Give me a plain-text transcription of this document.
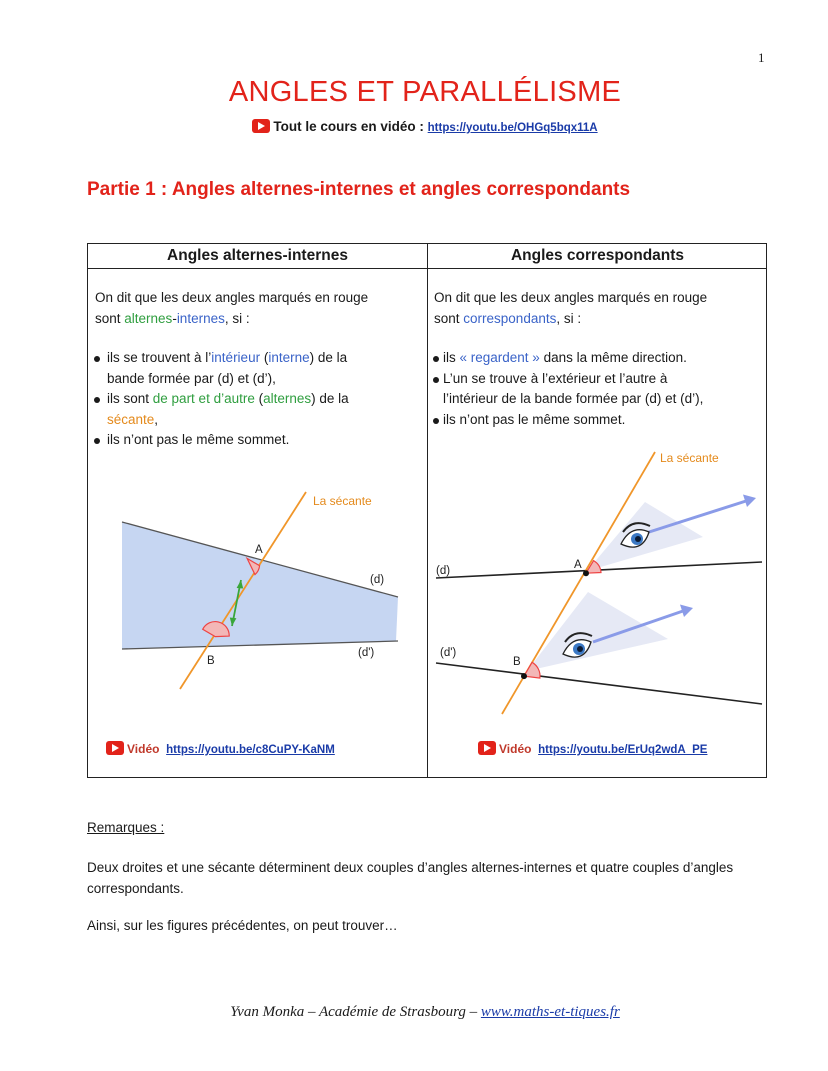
1
ANGLES ET PARALLÉLISME
Tout le cours en vidéo : https://youtu.be/OHGq5bqx11A
Partie 1 : Angles alternes-internes et angles correspondants
Angles alternes-internes
On dit que les deux angles marqués en rouge
sont alternes-internes, si :
ils se trouvent à l’intérieur (interne) de la
bande formée par (d) et (d’),
ils sont de part et d’autre (alternes) de la
sécante,
ils n’ont pas le même sommet.
La sécante
A
B
(d)
(d')
Vidéo https://youtu.be/c8CuPY-KaNM
Angles correspondants
On dit que les deux angles marqués en rouge
sont correspondants, si :
ils « regardent » dans la même direction.
L’un se trouve à l’extérieur et l’autre à
l’intérieur de la bande formée par (d) et (d’),
ils n’ont pas le même sommet.
La sécante
A
B
(d)
(d')
Vidéo https://youtu.be/ErUq2wdA_PE
Remarques :
Deux droites et une sécante déterminent deux couples d’angles alternes-internes et quatre couples d’angles correspondants.
Ainsi, sur les figures précédentes, on peut trouver…
Yvan Monka – Académie de Strasbourg – www.maths-et-tiques.fr
